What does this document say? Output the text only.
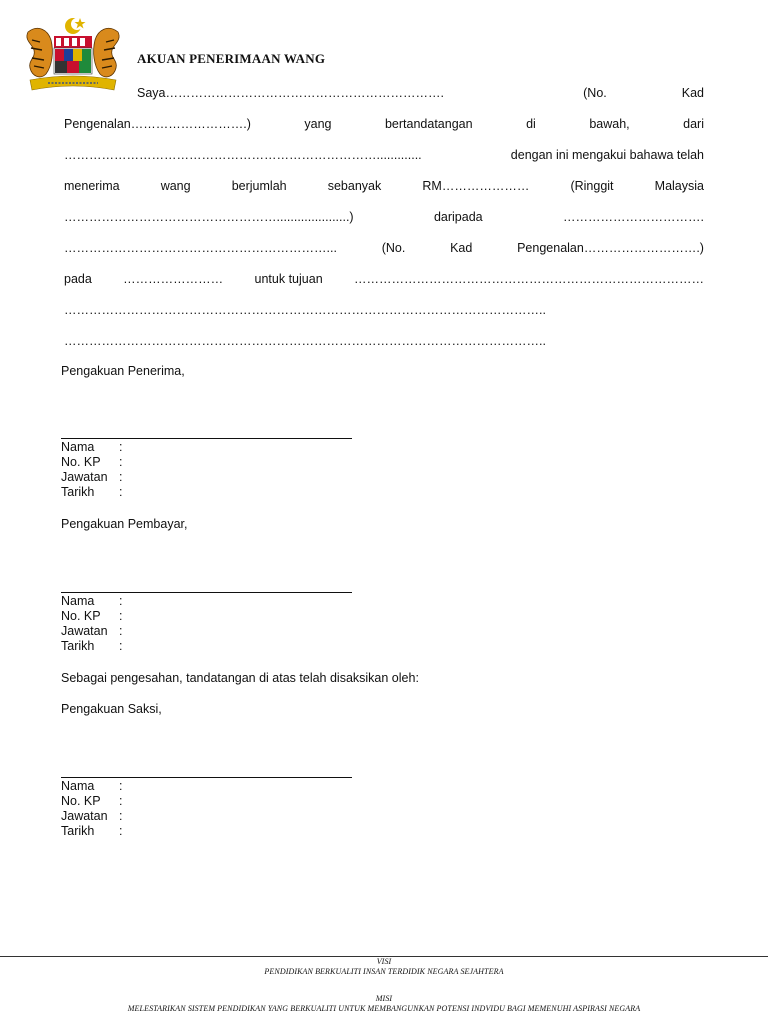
AKUAN PENERIMAAN WANG
Saya………………………………………………………….	(No.	Kad
Pengenalan……………………….)	yang	bertandatangan	di	bawah,	dari
………………………………………………………………….............	dengan ini mengakui bahawa telah
menerima	wang	berjumlah	sebanyak	RM…………………	(Ringgit	Malaysia
…………………………………………….....................)	daripada	…………………………….
………………………………………………………...	(No.	Kad	Pengenalan……………………….)
pada	……………………	untuk tujuan	…………………………………………………………………………
……………………………………………………………………………………………………..
……………………………………………………………………………………………………..
Pengakuan Penerima,
Nama :
No. KP :
Jawatan :
Tarikh :
Pengakuan Pembayar,
Nama :
No. KP :
Jawatan :
Tarikh :
Sebagai pengesahan, tandatangan di atas telah disaksikan oleh:
Pengakuan Saksi,
Nama :
No. KP :
Jawatan :
Tarikh :
VISI
PENDIDIKAN BERKUALITI INSAN TERDIDIK NEGARA SEJAHTERA
MISI
MELESTARIKAN SISTEM PENDIDIKAN YANG BERKUALITI UNTUK MEMBANGUNKAN POTENSI INDVIDU BAGI MEMENUHI ASPIRASI NEGARA
